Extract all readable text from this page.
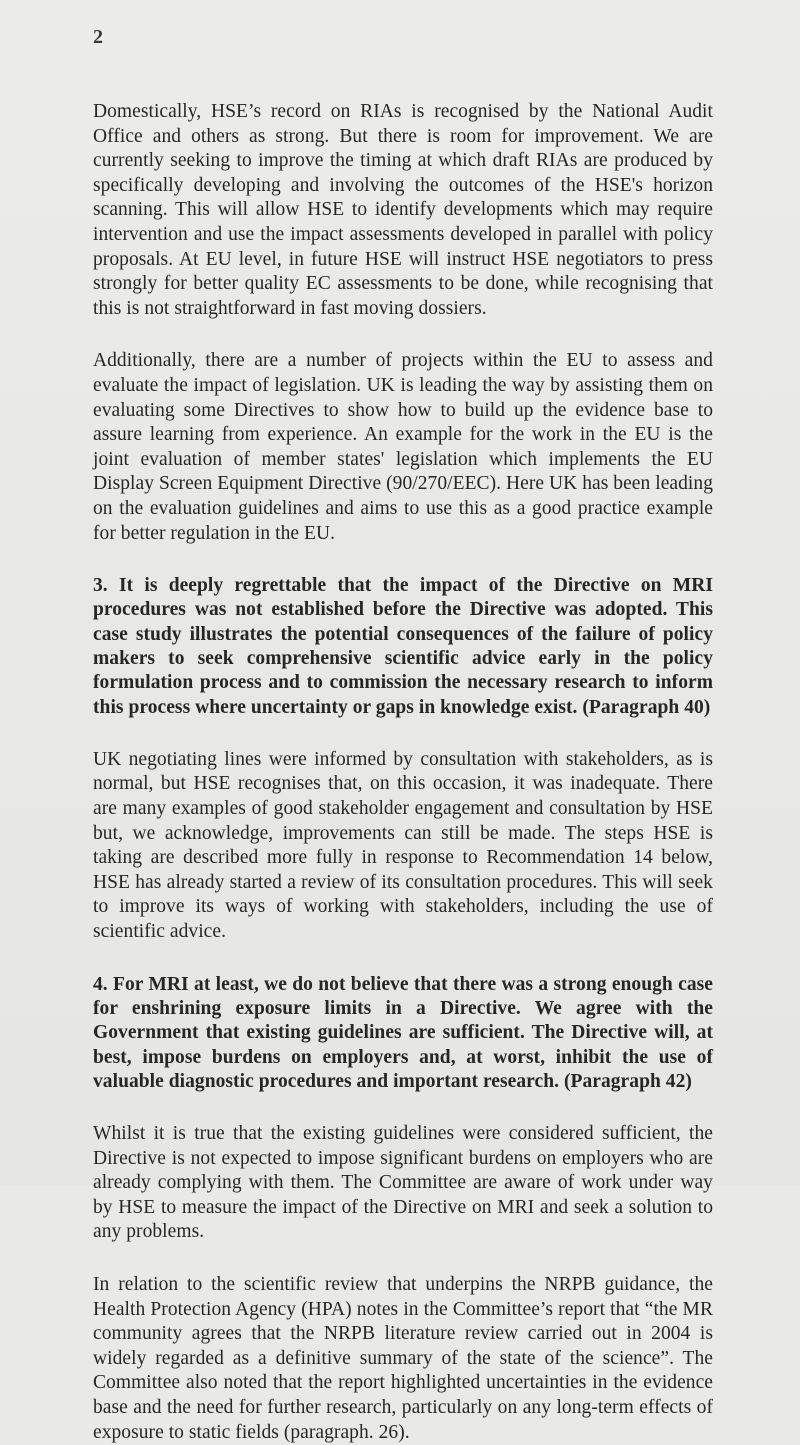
2

Domestically, HSE’s record on RIAs is recognised by the National Audit Office and others as strong. But there is room for improvement. We are currently seeking to improve the timing at which draft RIAs are produced by specifically developing and involving the outcomes of the HSE's horizon scanning. This will allow HSE to identify developments which may require intervention and use the impact assessments developed in parallel with policy proposals. At EU level, in future HSE will instruct HSE negotiators to press strongly for better quality EC assessments to be done, while recognising that this is not straightforward in fast moving dossiers.

Additionally, there are a number of projects within the EU to assess and evaluate the impact of legislation. UK is leading the way by assisting them on evaluating some Directives to show how to build up the evidence base to assure learning from experience. An example for the work in the EU is the joint evaluation of member states' legislation which implements the EU Display Screen Equipment Directive (90/270/EEC). Here UK has been leading on the evaluation guidelines and aims to use this as a good practice example for better regulation in the EU.

3. It is deeply regrettable that the impact of the Directive on MRI procedures was not established before the Directive was adopted. This case study illustrates the potential consequences of the failure of policy makers to seek comprehensive scientific advice early in the policy formulation process and to commission the necessary research to inform this process where uncertainty or gaps in knowledge exist. (Paragraph 40)

UK negotiating lines were informed by consultation with stakeholders, as is normal, but HSE recognises that, on this occasion, it was inadequate. There are many examples of good stakeholder engagement and consultation by HSE but, we acknowledge, improvements can still be made. The steps HSE is taking are described more fully in response to Recommendation 14 below, HSE has already started a review of its consultation procedures. This will seek to improve its ways of working with stakeholders, including the use of scientific advice.

4. For MRI at least, we do not believe that there was a strong enough case for enshrining exposure limits in a Directive. We agree with the Government that existing guidelines are sufficient. The Directive will, at best, impose burdens on employers and, at worst, inhibit the use of valuable diagnostic procedures and important research. (Paragraph 42)

Whilst it is true that the existing guidelines were considered sufficient, the Directive is not expected to impose significant burdens on employers who are already complying with them. The Committee are aware of work under way by HSE to measure the impact of the Directive on MRI and seek a solution to any problems.

In relation to the scientific review that underpins the NRPB guidance, the Health Protection Agency (HPA) notes in the Committee’s report that “the MR community agrees that the NRPB literature review carried out in 2004 is widely regarded as a definitive summary of the state of the science”. The Committee also noted that the report highlighted uncertainties in the evidence base and the need for further research, particularly on any long-term effects of exposure to static fields (paragraph. 26).
